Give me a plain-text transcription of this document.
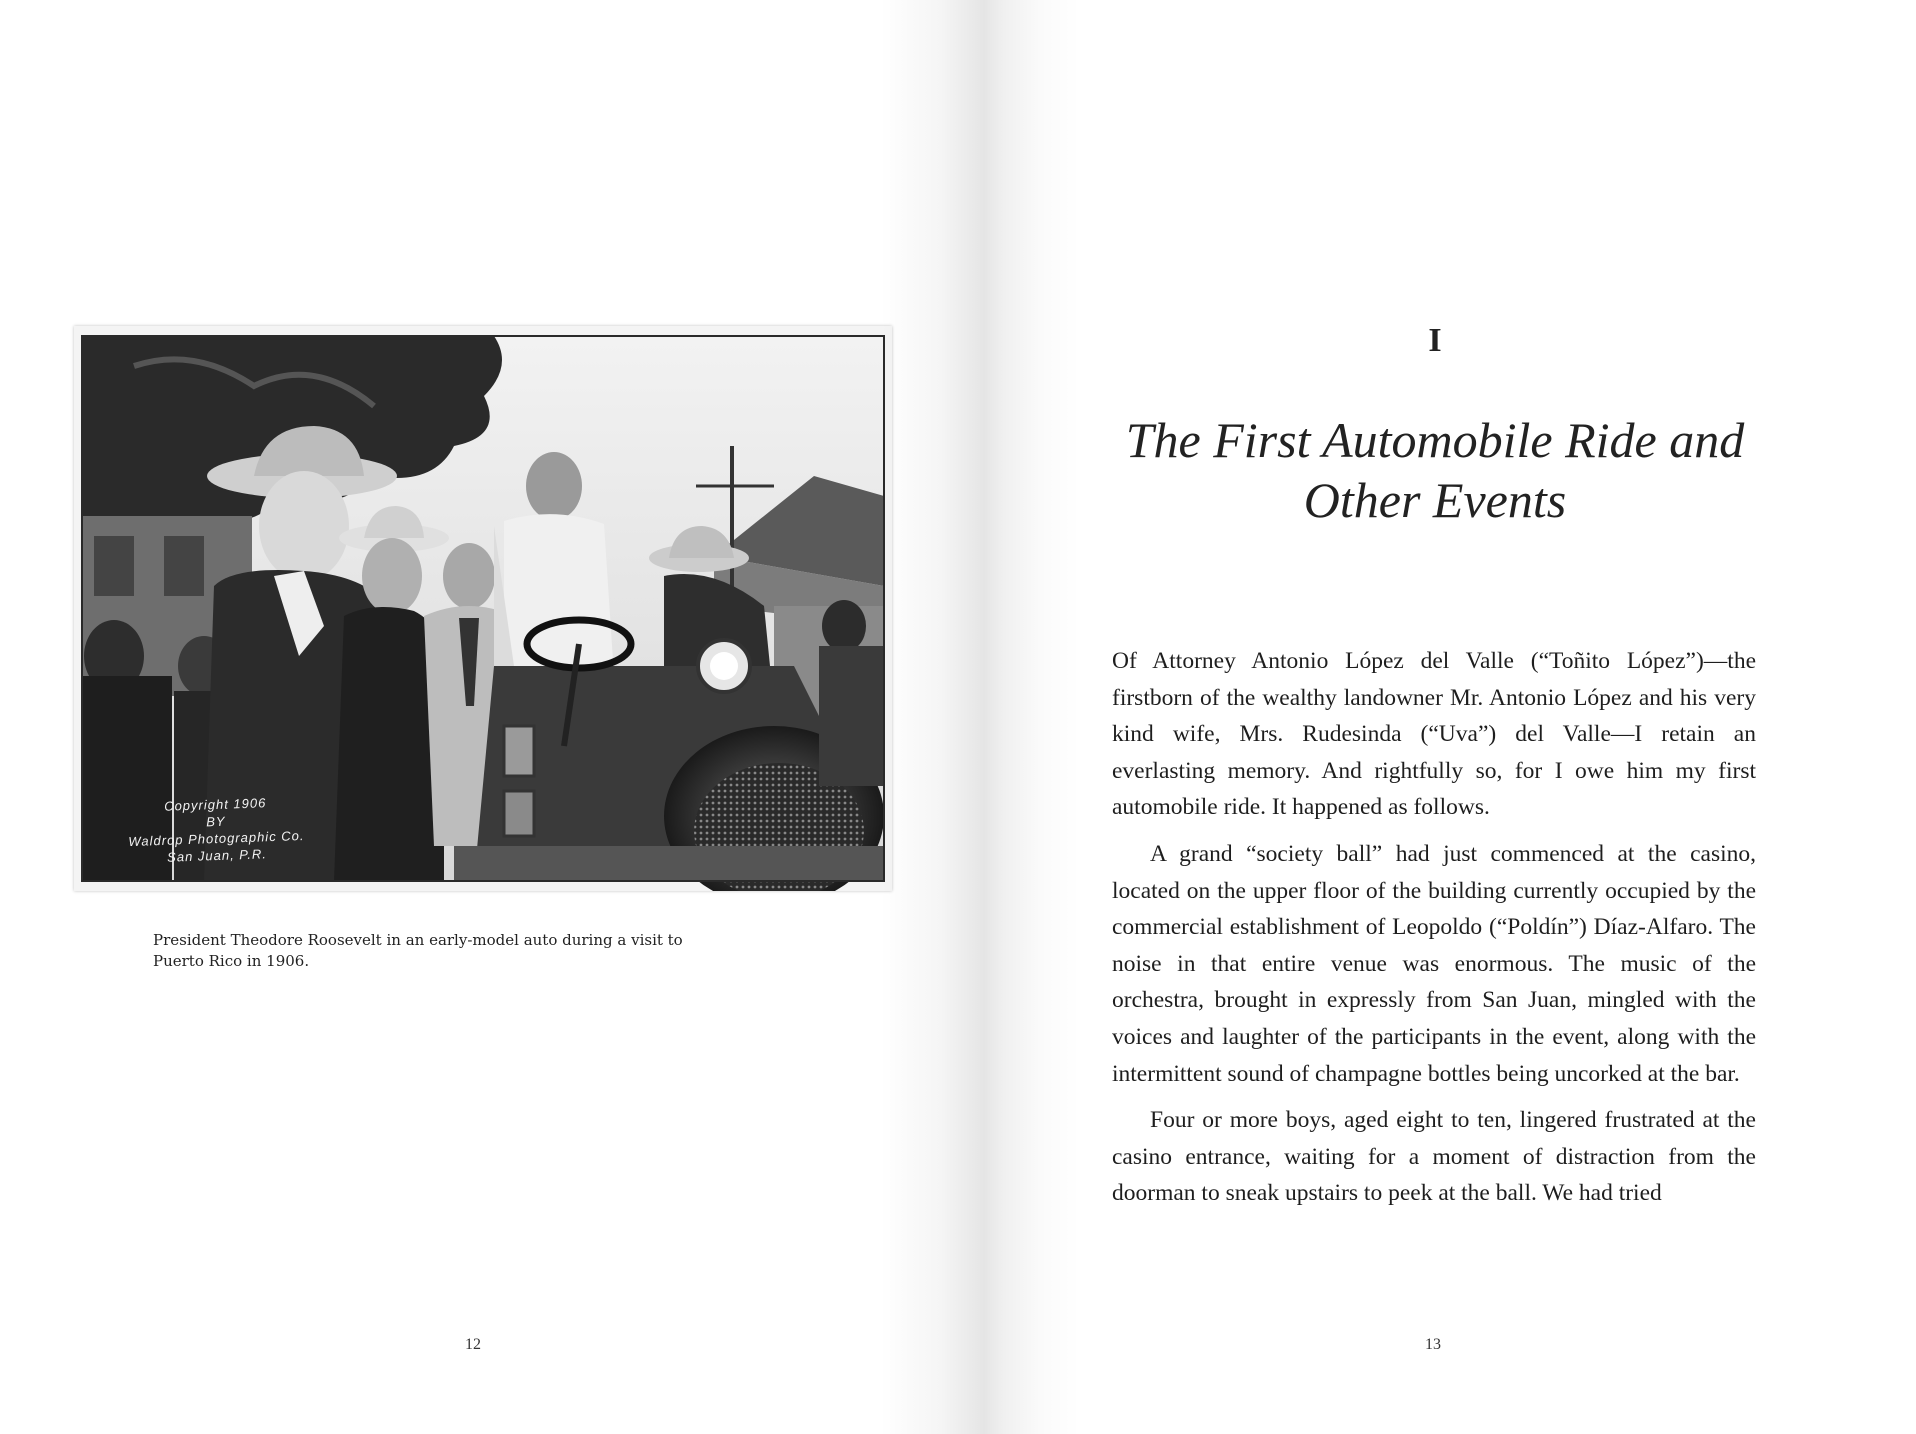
Copyright 1906
BY
Waldrop Photographic Co.
San Juan, P.R.
President Theodore Roosevelt in an early-model auto during a visit to Puerto Rico in 1906.
12
I
The First Automobile Ride and
Other Events

Of Attorney Antonio López del Valle (“Toñito López”)—the firstborn of the wealthy landowner Mr. Antonio López and his very kind wife, Mrs. Rudesinda (“Uva”) del Valle—I retain an everlasting memory. And rightfully so, for I owe him my first automobile ride. It happened as follows.

A grand “society ball” had just commenced at the casino, located on the upper floor of the building currently occupied by the commercial establishment of Leopoldo (“Poldín”) Díaz-Alfaro. The noise in that entire venue was enormous. The music of the orchestra, brought in expressly from San Juan, mingled with the voices and laughter of the participants in the event, along with the intermittent sound of champagne bottles being uncorked at the bar.

Four or more boys, aged eight to ten, lingered frustrated at the casino entrance, waiting for a moment of distraction from the doorman to sneak upstairs to peek at the ball. We had tried

13
